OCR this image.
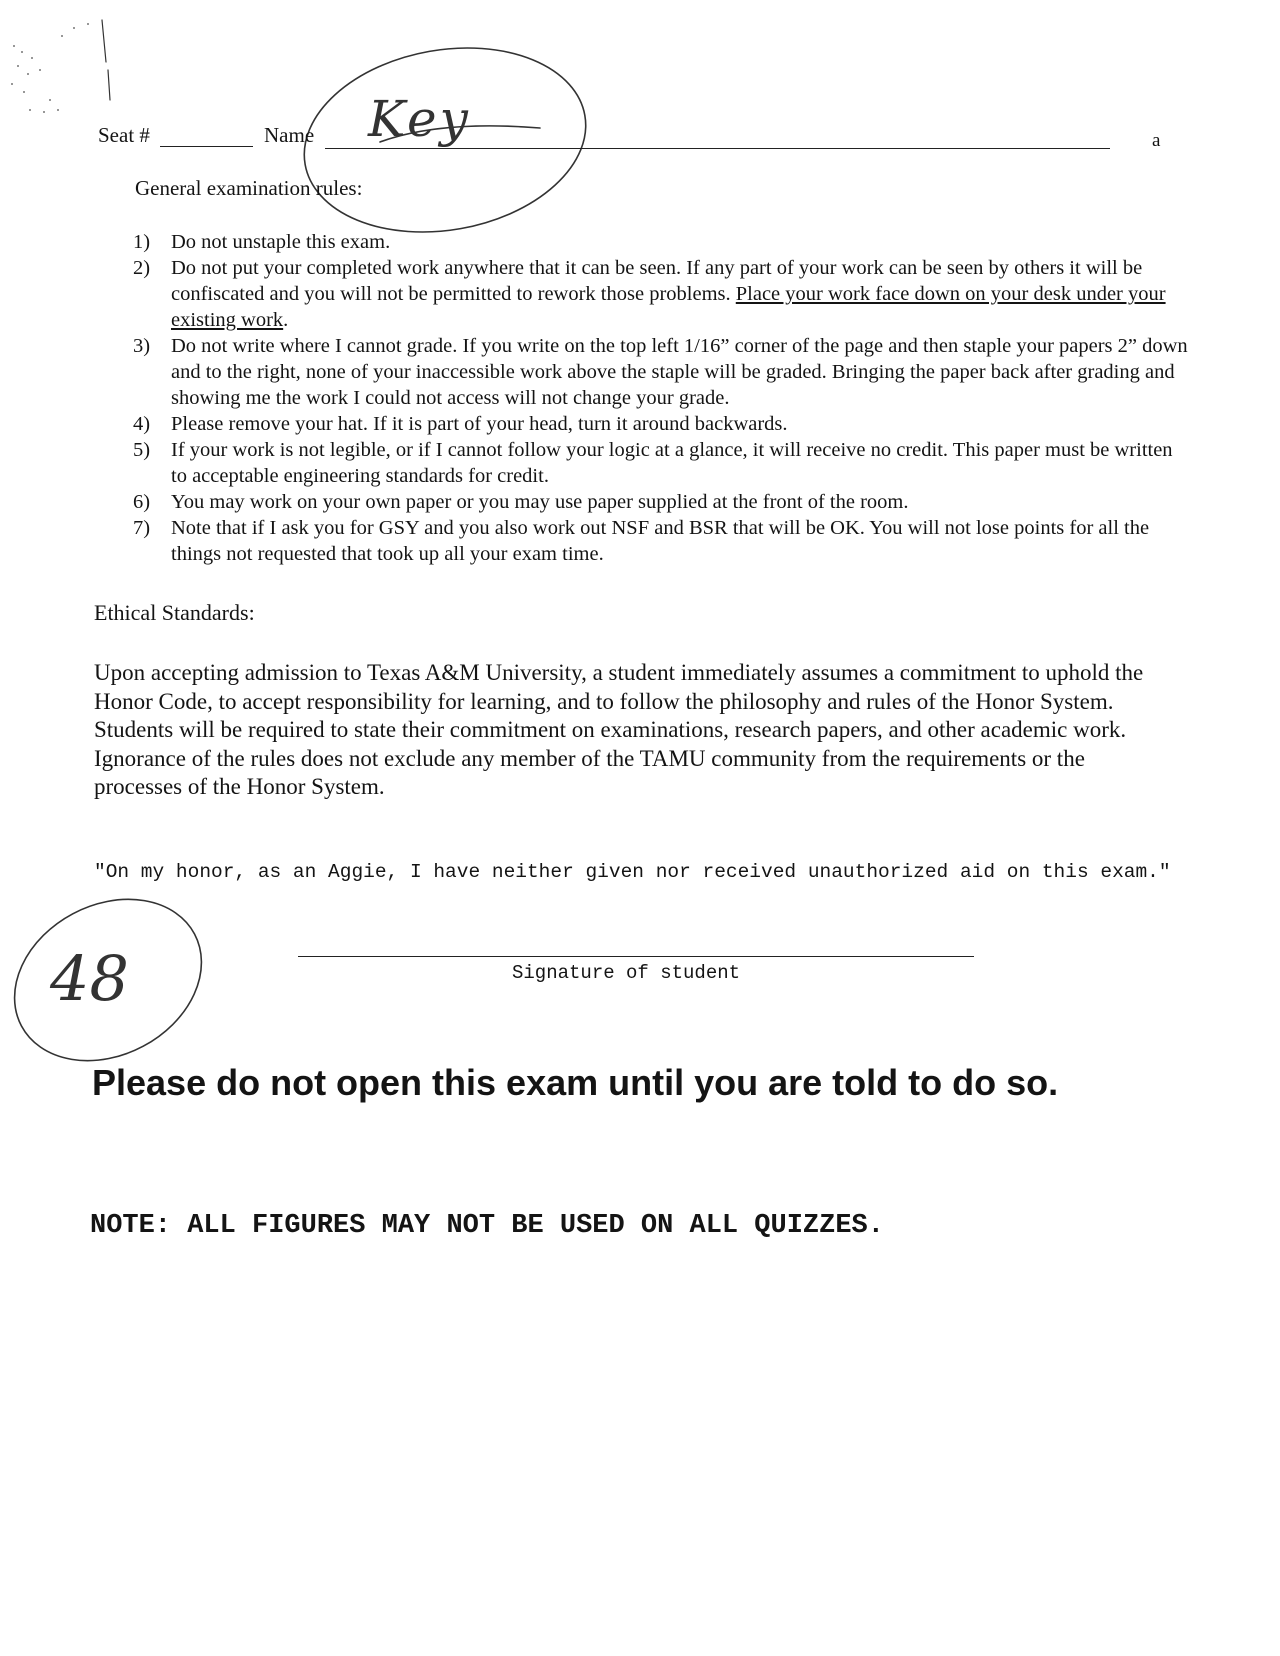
Seat #	Name Key	a
General examination rules:
1) Do not unstaple this exam.
2) Do not put your completed work anywhere that it can be seen. If any part of your work can be seen by others it will be confiscated and you will not be permitted to rework those problems. Place your work face down on your desk under your existing work.
3) Do not write where I cannot grade. If you write on the top left 1/16” corner of the page and then staple your papers 2” down and to the right, none of your inaccessible work above the staple will be graded. Bringing the paper back after grading and showing me the work I could not access will not change your grade.
4) Please remove your hat. If it is part of your head, turn it around backwards.
5) If your work is not legible, or if I cannot follow your logic at a glance, it will receive no credit. This paper must be written to acceptable engineering standards for credit.
6) You may work on your own paper or you may use paper supplied at the front of the room.
7) Note that if I ask you for GSY and you also work out NSF and BSR that will be OK. You will not lose points for all the things not requested that took up all your exam time.
Ethical Standards:

Upon accepting admission to Texas A&M University, a student immediately assumes a commitment to uphold the Honor Code, to accept responsibility for learning, and to follow the philosophy and rules of the Honor System. Students will be required to state their commitment on examinations, research papers, and other academic work. Ignorance of the rules does not exclude any member of the TAMU community from the requirements or the processes of the Honor System.

"On my honor, as an Aggie, I have neither given nor received unauthorized aid on this exam."

Signature of student
48
Please do not open this exam until you are told to do so.
NOTE: ALL FIGURES MAY NOT BE USED ON ALL QUIZZES.
